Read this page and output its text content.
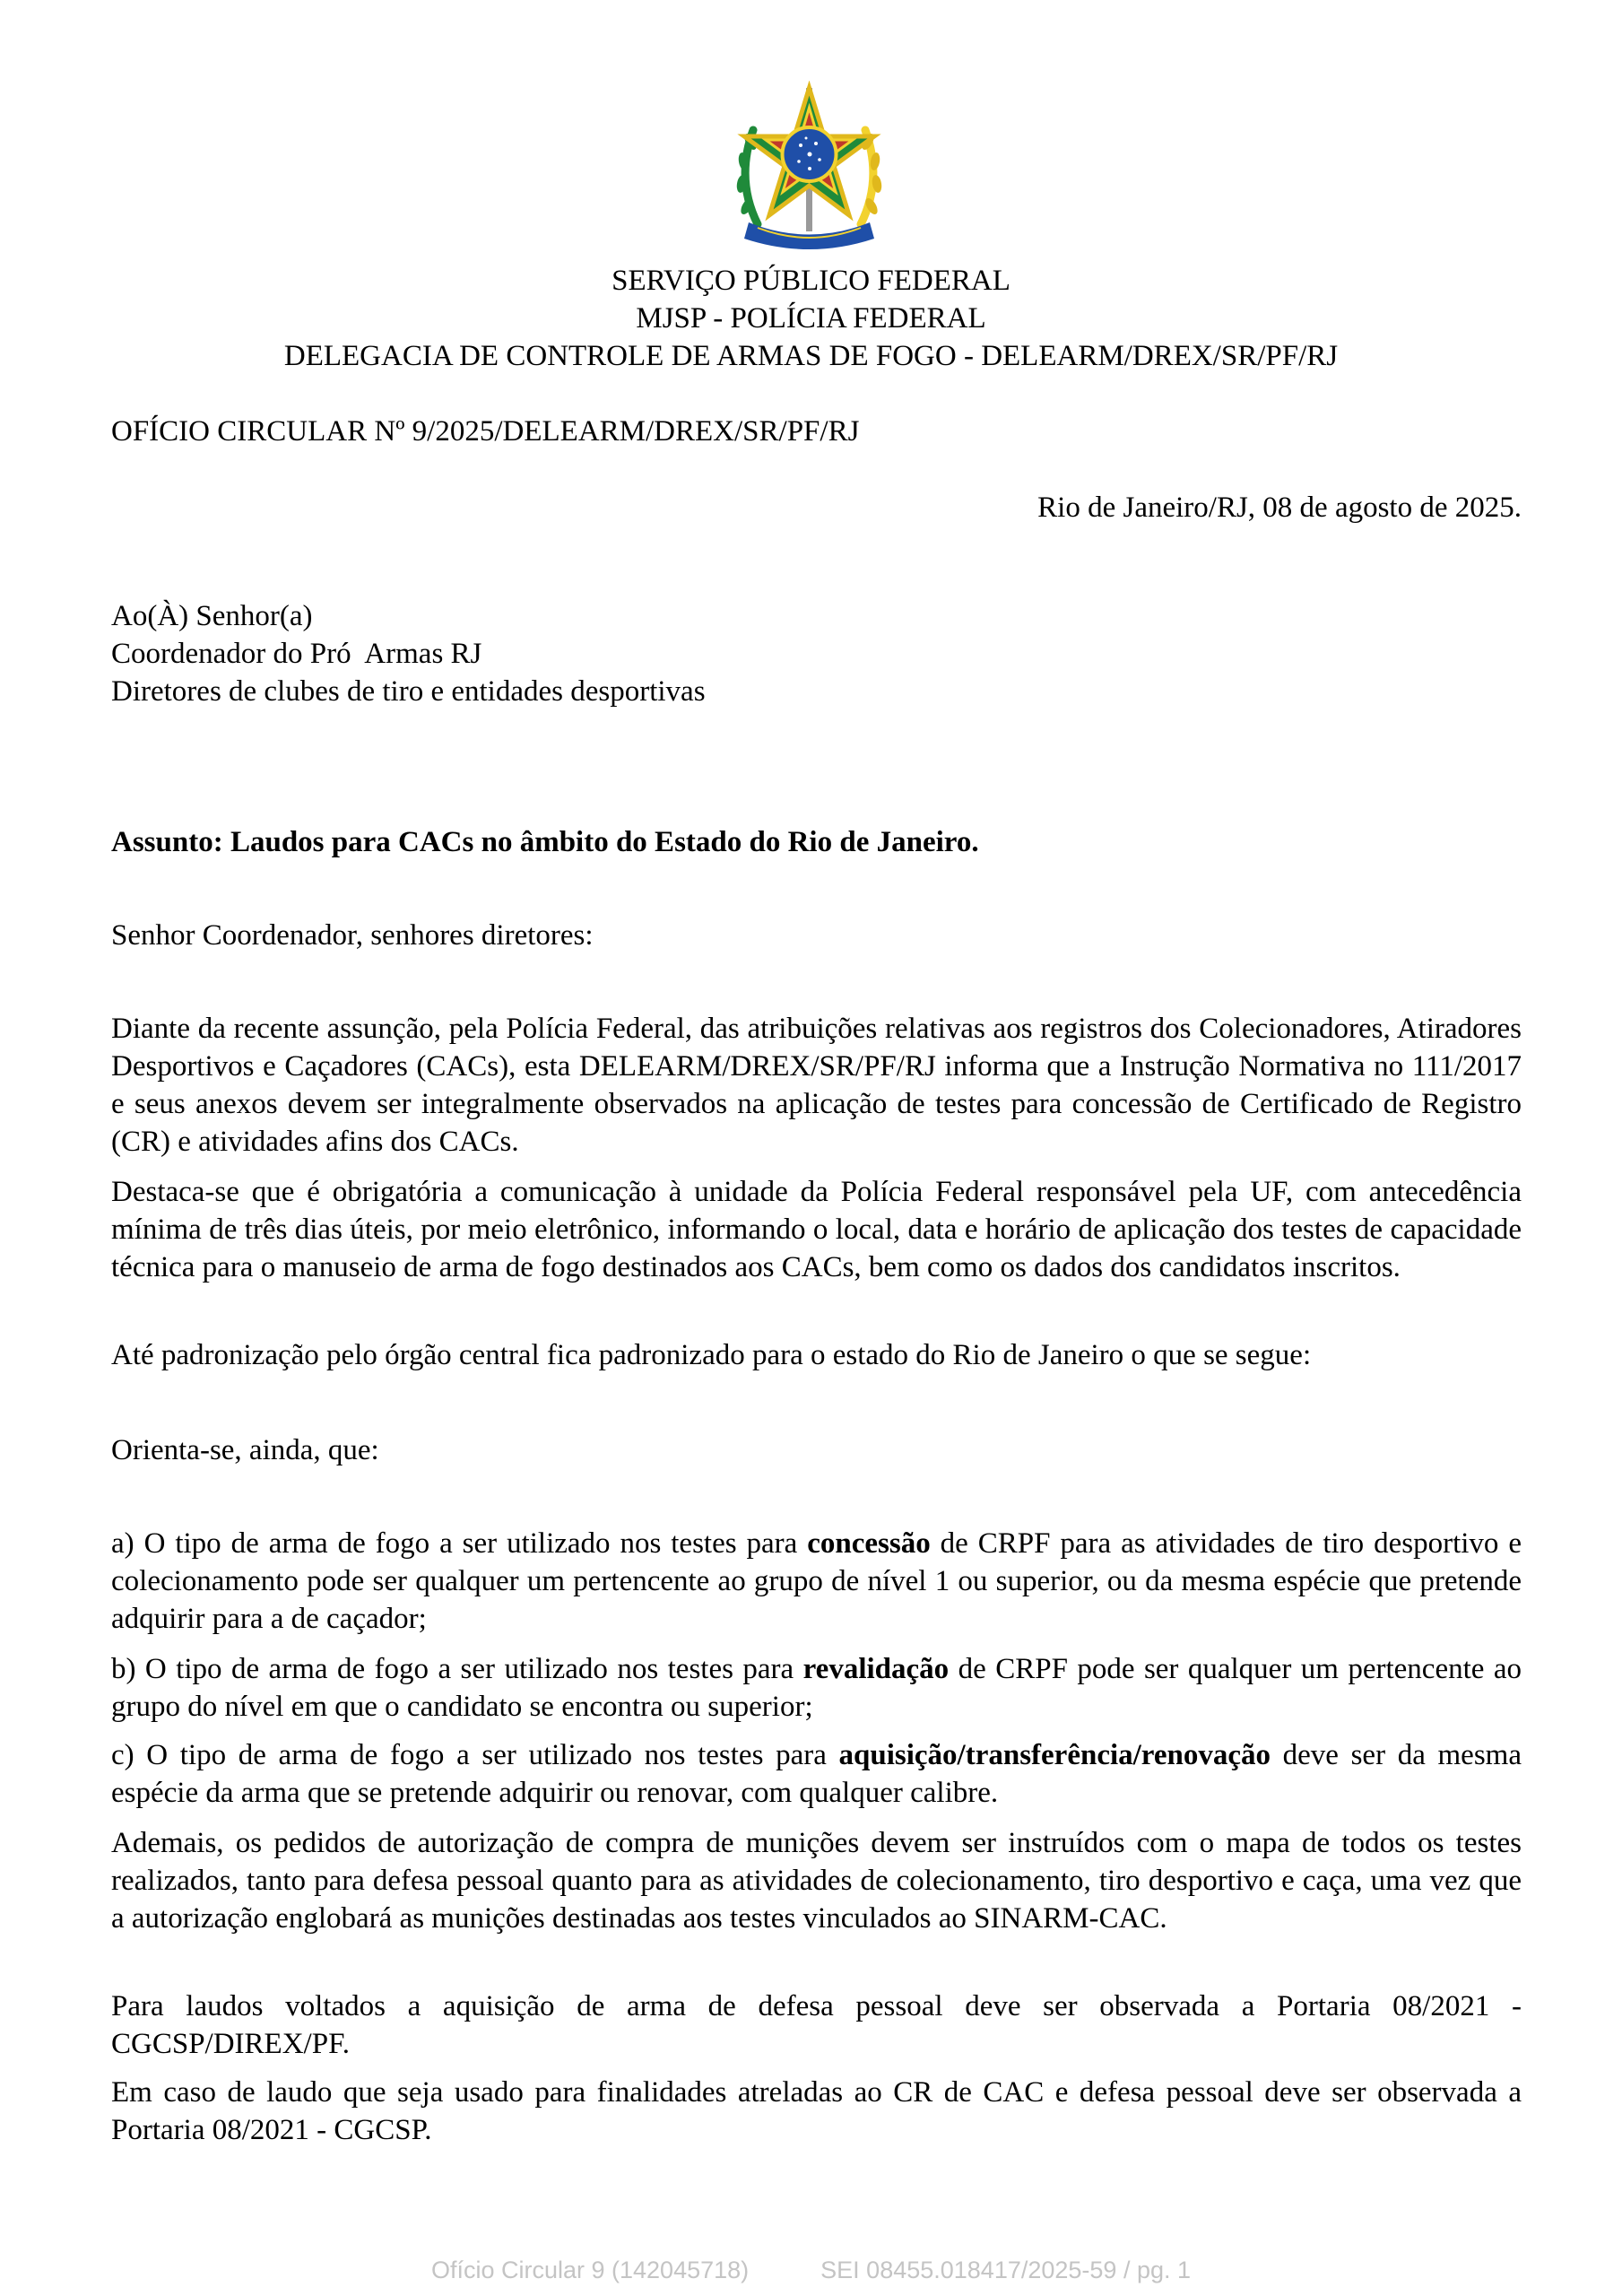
SERVIÇO PÚBLICO FEDERAL
MJSP - POLÍCIA FEDERAL
DELEGACIA DE CONTROLE DE ARMAS DE FOGO - DELEARM/DREX/SR/PF/RJ
OFÍCIO CIRCULAR Nº 9/2025/DELEARM/DREX/SR/PF/RJ
Rio de Janeiro/RJ, 08 de agosto de 2025.
Ao(À) Senhor(a)
Coordenador do Pró  Armas RJ
Diretores de clubes de tiro e entidades desportivas
Assunto: Laudos para CACs no âmbito do Estado do Rio de Janeiro.
Senhor Coordenador, senhores diretores:

Diante da recente assunção, pela Polícia Federal, das atribuições relativas aos registros dos Colecionadores, Atiradores Desportivos e Caçadores (CACs), esta DELEARM/DREX/SR/PF/RJ informa que a Instrução Normativa no 111/2017 e seus anexos devem ser integralmente observados na aplicação de testes para concessão de Certificado de Registro (CR) e atividades afins dos CACs.

Destaca-se que é obrigatória a comunicação à unidade da Polícia Federal responsável pela UF, com antecedência mínima de três dias úteis, por meio eletrônico, informando o local, data e horário de aplicação dos testes de capacidade técnica para o manuseio de arma de fogo destinados aos CACs, bem como os dados dos candidatos inscritos.

Até padronização pelo órgão central fica padronizado para o estado do Rio de Janeiro o que se segue:

Orienta-se, ainda, que:

a) O tipo de arma de fogo a ser utilizado nos testes para concessão de CRPF para as atividades de tiro desportivo e colecionamento pode ser qualquer um pertencente ao grupo de nível 1 ou superior, ou da mesma espécie que pretende adquirir para a de caçador;

b) O tipo de arma de fogo a ser utilizado nos testes para revalidação de CRPF pode ser qualquer um pertencente ao grupo do nível em que o candidato se encontra ou superior;

c) O tipo de arma de fogo a ser utilizado nos testes para aquisição/transferência/renovação deve ser da mesma espécie da arma que se pretende adquirir ou renovar, com qualquer calibre.

Ademais, os pedidos de autorização de compra de munições devem ser instruídos com o mapa de todos os testes realizados, tanto para defesa pessoal quanto para as atividades de colecionamento, tiro desportivo e caça, uma vez que a autorização englobará as munições destinadas aos testes vinculados ao SINARM-CAC.

Para laudos voltados a aquisição de arma de defesa pessoal deve ser observada a Portaria 08/2021 - CGCSP/DIREX/PF.

Em caso de laudo que seja usado para finalidades atreladas ao CR de CAC e defesa pessoal deve ser observada a Portaria 08/2021 - CGCSP.

Ofício Circular 9 (142045718)	SEI 08455.018417/2025-59 / pg. 1
